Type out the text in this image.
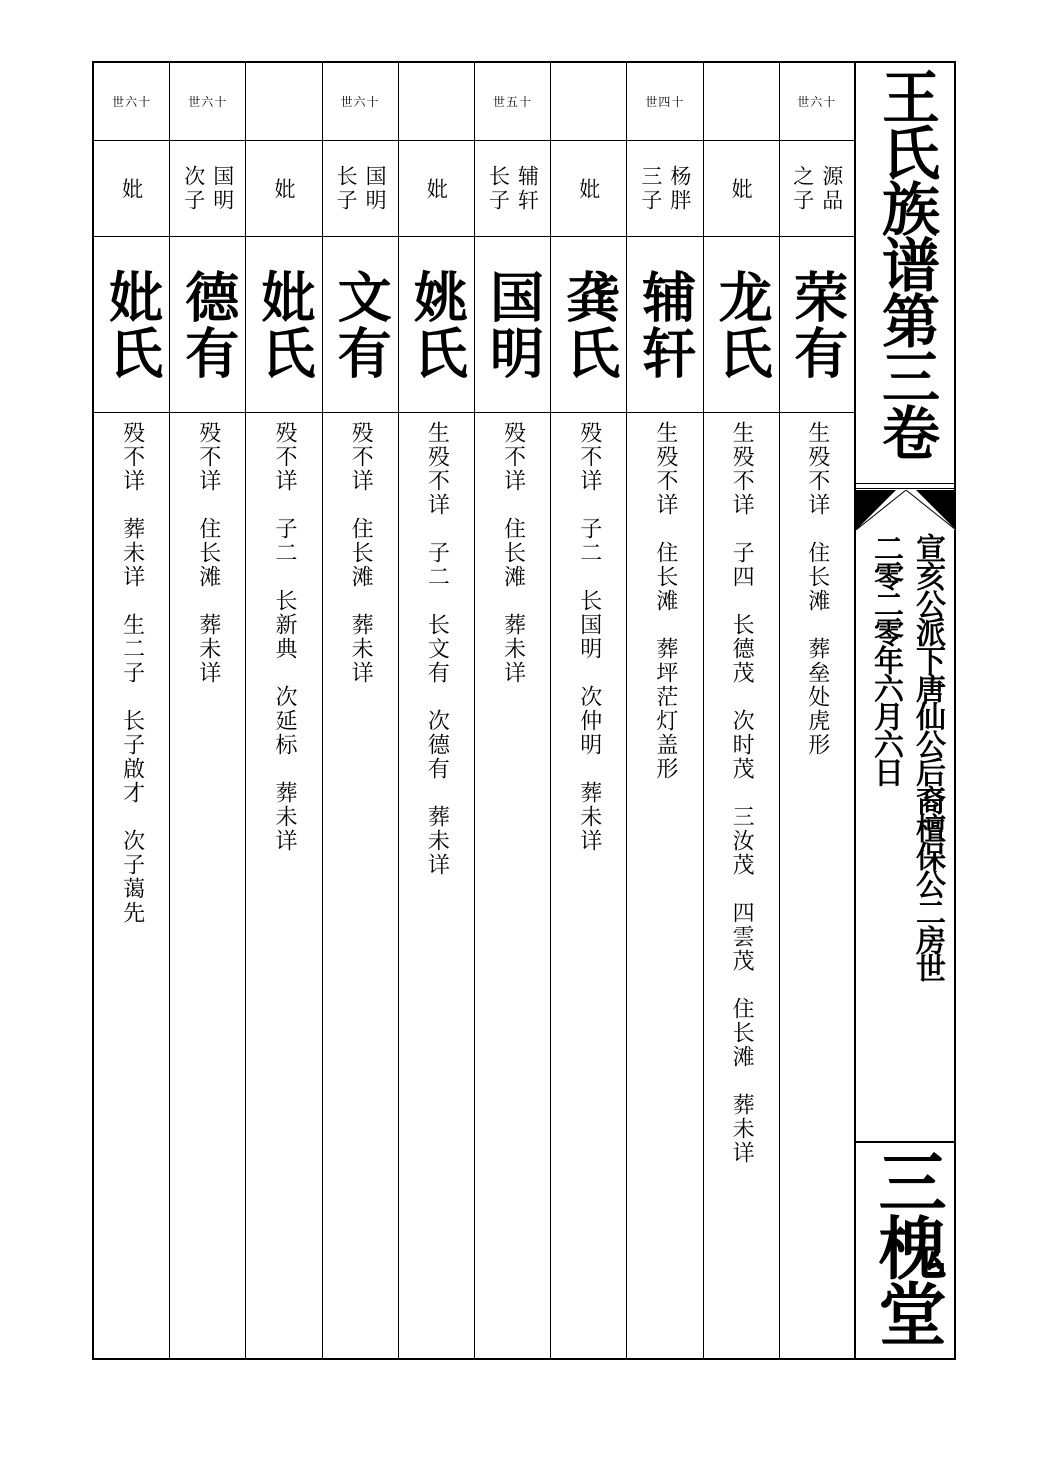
世六十
妣
妣氏
殁不详　葬未详　生二子　长子啟才　次子蔼先
世六十
国明
次子
德有
殁不详　住长滩　葬未详
妣
妣氏
殁不详　子二　长新典　次延标　葬未详
世六十
国明
长子
文有
殁不详　住长滩　葬未详
妣
姚氏
生殁不详　子二　长文有　次德有　葬未详
世五十
辅轩
长子
国明
殁不详　住长滩　葬未详
妣
龚氏
殁不详　子二　长国明　次仲明　葬未详
世四十
杨胖
三子
辅轩
生殁不详　住长滩　葬坪茫灯盖形
妣
龙氏
生殁不详　子四　长德茂　次时茂　三汝茂　四雲茂　住长滩　葬未详
世六十
源品
之子
荣有
生殁不详　住长滩　葬垒处虎形
王氏族谱第三卷
宣亥公派下唐仙公后裔檀保公二房世
二零二零年六月六日
三槐堂
